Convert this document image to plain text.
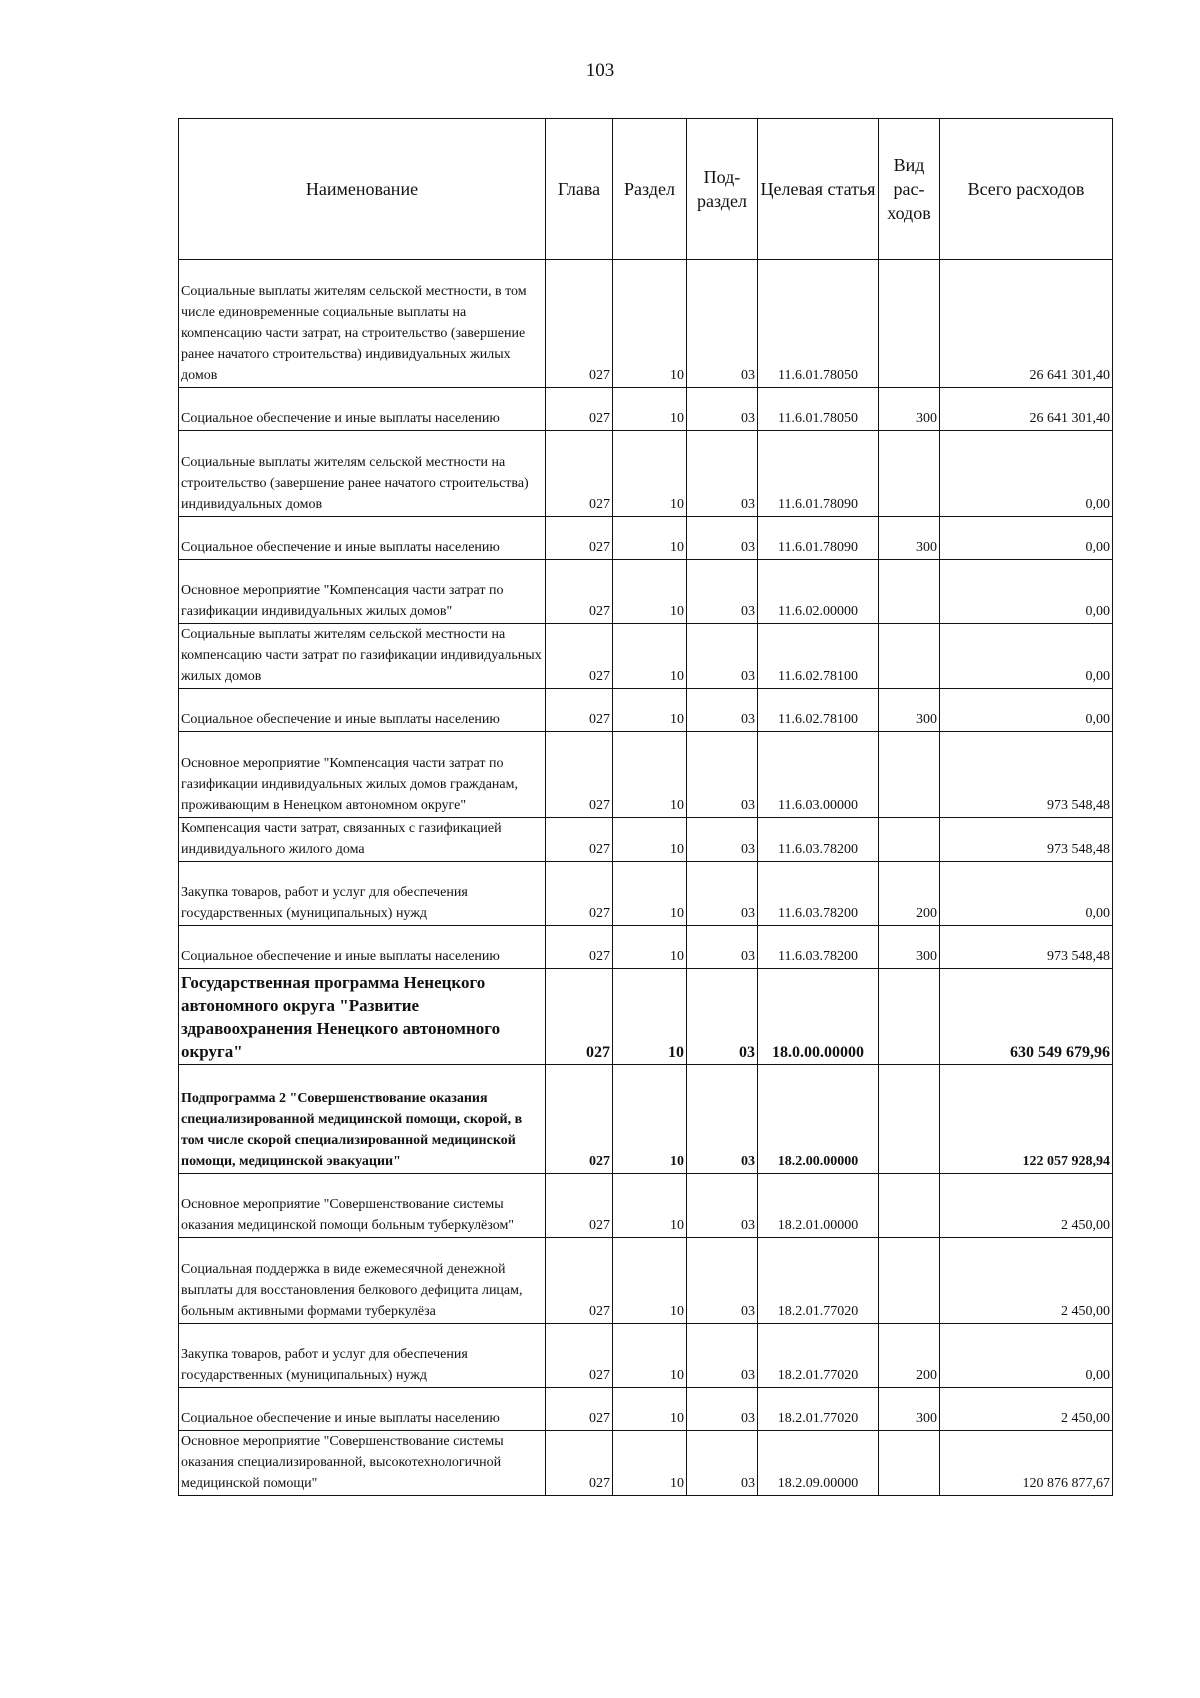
103
Наименование	Глава	Раздел	Под- раздел	Целевая статья	Вид рас- ходов	Всего расходов
Социальные выплаты жителям сельской местности, в том числе единовременные социальные выплаты на компенсацию части затрат, на строительство (завершение ранее начатого строительства) индивидуальных жилых домов	027	10	03	11.6.01.78050		26 641 301,40
Социальное обеспечение и иные выплаты населению	027	10	03	11.6.01.78050	300	26 641 301,40
Социальные выплаты жителям сельской местности на строительство (завершение ранее начатого строительства) индивидуальных домов	027	10	03	11.6.01.78090		0,00
Социальное обеспечение и иные выплаты населению	027	10	03	11.6.01.78090	300	0,00
Основное мероприятие "Компенсация части затрат по газификации индивидуальных жилых домов"	027	10	03	11.6.02.00000		0,00
Социальные выплаты жителям сельской местности на компенсацию части затрат по газификации индивидуальных жилых домов	027	10	03	11.6.02.78100		0,00
Социальное обеспечение и иные выплаты населению	027	10	03	11.6.02.78100	300	0,00
Основное мероприятие "Компенсация части затрат по газификации индивидуальных жилых домов гражданам, проживающим в Ненецком автономном округе"	027	10	03	11.6.03.00000		973 548,48
Компенсация части затрат, связанных с газификацией индивидуального жилого дома	027	10	03	11.6.03.78200		973 548,48
Закупка товаров, работ и услуг для обеспечения государственных (муниципальных) нужд	027	10	03	11.6.03.78200	200	0,00
Социальное обеспечение и иные выплаты населению	027	10	03	11.6.03.78200	300	973 548,48
Государственная программа Ненецкого автономного округа "Развитие здравоохранения Ненецкого автономного округа"	027	10	03	18.0.00.00000		630 549 679,96
Подпрограмма 2 "Совершенствование оказания специализированной медицинской помощи, скорой, в том числе скорой специализированной медицинской помощи, медицинской эвакуации"	027	10	03	18.2.00.00000		122 057 928,94
Основное мероприятие "Совершенствование системы оказания медицинской помощи больным туберкулёзом"	027	10	03	18.2.01.00000		2 450,00
Социальная поддержка в виде ежемесячной денежной выплаты для восстановления белкового дефицита лицам, больным активными формами туберкулёза	027	10	03	18.2.01.77020		2 450,00
Закупка товаров, работ и услуг для обеспечения государственных (муниципальных) нужд	027	10	03	18.2.01.77020	200	0,00
Социальное обеспечение и иные выплаты населению	027	10	03	18.2.01.77020	300	2 450,00
Основное мероприятие "Совершенствование системы оказания специализированной, высокотехнологичной медицинской помощи"	027	10	03	18.2.09.00000		120 876 877,67
